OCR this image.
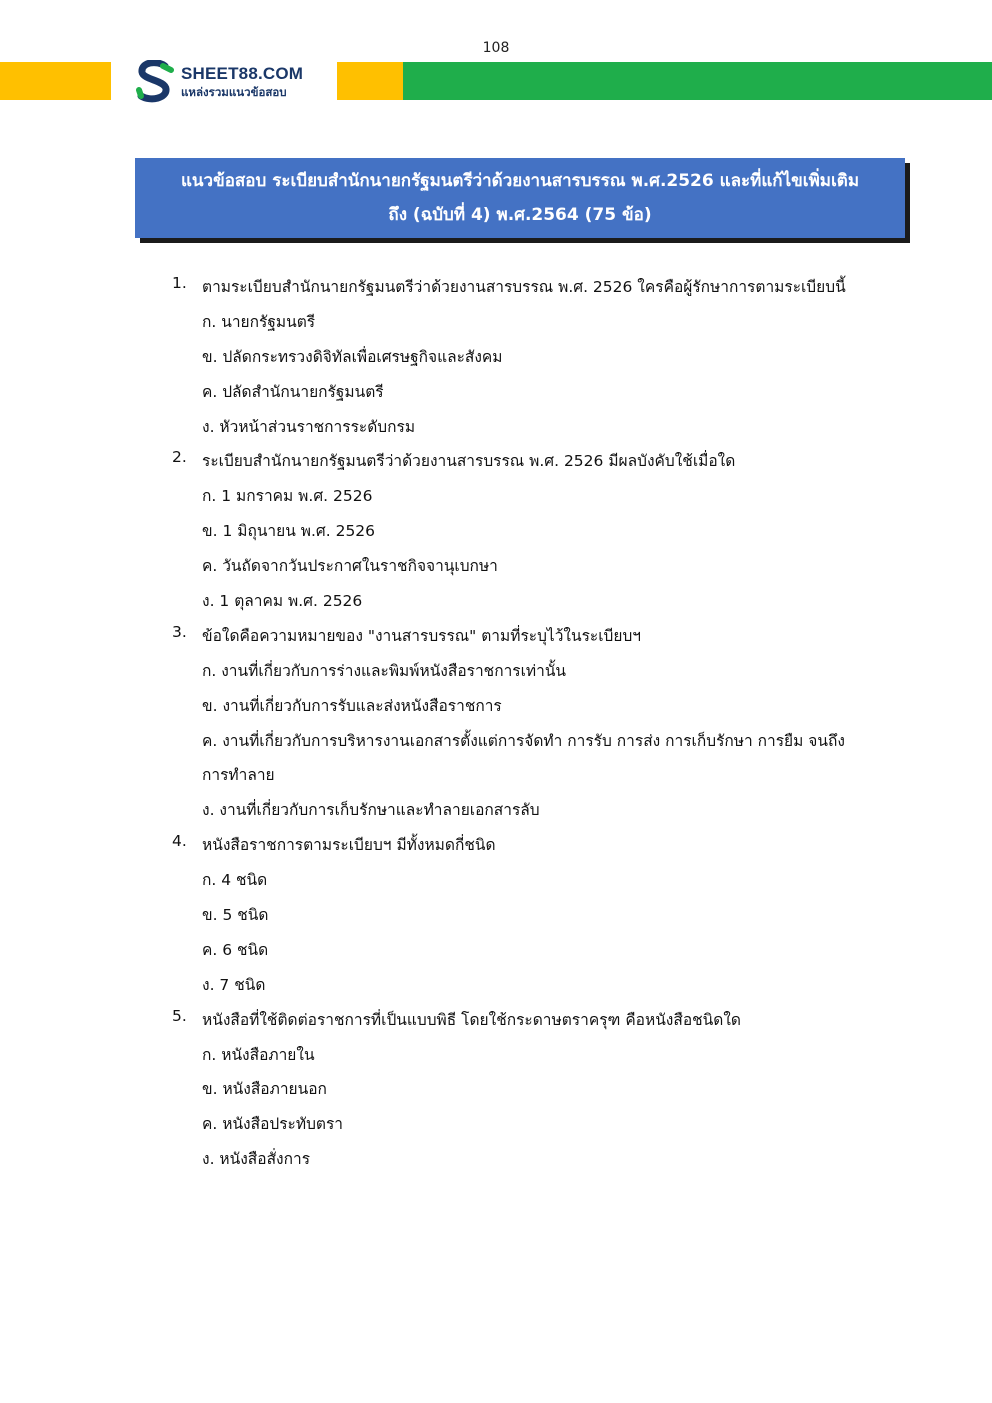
108
SHEET88.COM
แหล่งรวมแนวข้อสอบ
แนวข้อสอบ ระเบียบสำนักนายกรัฐมนตรีว่าด้วยงานสารบรรณ พ.ศ.2526 และที่แก้ไขเพิ่มเติม
ถึง (ฉบับที่ 4) พ.ศ.2564 (75 ข้อ)
1. ตามระเบียบสำนักนายกรัฐมนตรีว่าด้วยงานสารบรรณ พ.ศ. 2526 ใครคือผู้รักษาการตามระเบียบนี้
ก. นายกรัฐมนตรี
ข. ปลัดกระทรวงดิจิทัลเพื่อเศรษฐกิจและสังคม
ค. ปลัดสำนักนายกรัฐมนตรี
ง. หัวหน้าส่วนราชการระดับกรม
2. ระเบียบสำนักนายกรัฐมนตรีว่าด้วยงานสารบรรณ พ.ศ. 2526 มีผลบังคับใช้เมื่อใด
ก. 1 มกราคม พ.ศ. 2526
ข. 1 มิถุนายน พ.ศ. 2526
ค. วันถัดจากวันประกาศในราชกิจจานุเบกษา
ง. 1 ตุลาคม พ.ศ. 2526
3. ข้อใดคือความหมายของ "งานสารบรรณ" ตามที่ระบุไว้ในระเบียบฯ
ก. งานที่เกี่ยวกับการร่างและพิมพ์หนังสือราชการเท่านั้น
ข. งานที่เกี่ยวกับการรับและส่งหนังสือราชการ
ค. งานที่เกี่ยวกับการบริหารงานเอกสารตั้งแต่การจัดทำ การรับ การส่ง การเก็บรักษา การยืม จนถึง
การทำลาย
ง. งานที่เกี่ยวกับการเก็บรักษาและทำลายเอกสารลับ
4. หนังสือราชการตามระเบียบฯ มีทั้งหมดกี่ชนิด
ก. 4 ชนิด
ข. 5 ชนิด
ค. 6 ชนิด
ง. 7 ชนิด
5. หนังสือที่ใช้ติดต่อราชการที่เป็นแบบพิธี โดยใช้กระดาษตราครุฑ คือหนังสือชนิดใด
ก. หนังสือภายใน
ข. หนังสือภายนอก
ค. หนังสือประทับตรา
ง. หนังสือสั่งการ
